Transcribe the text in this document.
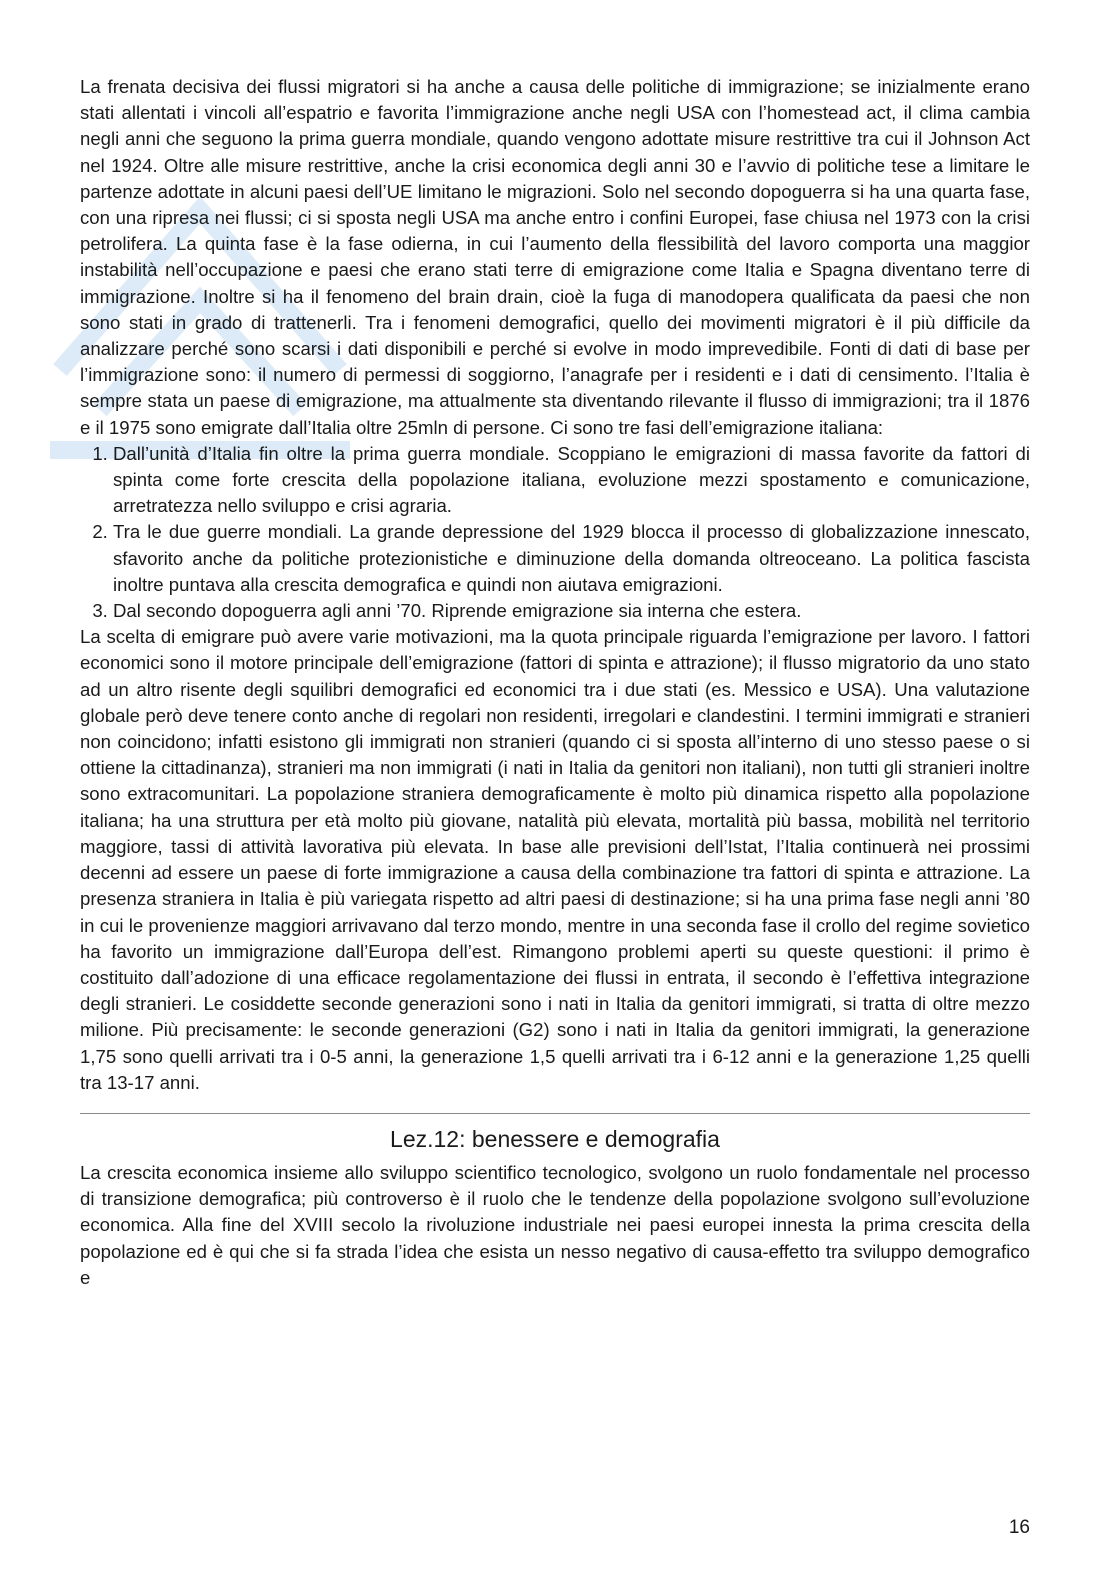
La frenata decisiva dei flussi migratori si ha anche a causa delle politiche di immigrazione; se inizialmente erano stati allentati i vincoli all’espatrio e favorita l’immigrazione anche negli USA con l’homestead act, il clima cambia negli anni che seguono la prima guerra mondiale, quando vengono adottate misure restrittive tra cui il Johnson Act nel 1924. Oltre alle misure restrittive, anche la crisi economica degli anni 30 e l’avvio di politiche tese a limitare le partenze adottate in alcuni paesi dell’UE limitano le migrazioni. Solo nel secondo dopoguerra si ha una quarta fase, con una ripresa nei flussi; ci si sposta negli USA ma anche entro i confini Europei, fase chiusa nel 1973 con la crisi petrolifera. La quinta fase è la fase odierna, in cui l’aumento della flessibilità del lavoro comporta una maggior instabilità nell’occupazione e paesi che erano stati terre di emigrazione come Italia e Spagna diventano terre di immigrazione. Inoltre si ha il fenomeno del brain drain, cioè la fuga di manodopera qualificata da paesi che non sono stati in grado di trattenerli. Tra i fenomeni demografici, quello dei movimenti migratori è il più difficile da analizzare perché sono scarsi i dati disponibili e perché si evolve in modo imprevedibile. Fonti di dati di base per l’immigrazione sono: il numero di permessi di soggiorno, l’anagrafe per i residenti e i dati di censimento. l’Italia è sempre stata un paese di emigrazione, ma attualmente sta diventando rilevante il flusso di immigrazioni; tra il 1876 e il 1975 sono emigrate dall’Italia oltre 25mln di persone. Ci sono tre fasi dell’emigrazione italiana:

1. Dall’unità d’Italia fin oltre la prima guerra mondiale. Scoppiano le emigrazioni di massa favorite da fattori di spinta come forte crescita della popolazione italiana, evoluzione mezzi spostamento e comunicazione, arretratezza nello sviluppo e crisi agraria.
2. Tra le due guerre mondiali. La grande depressione del 1929 blocca il processo di globalizzazione innescato, sfavorito anche da politiche protezionistiche e diminuzione della domanda oltreoceano. La politica fascista inoltre puntava alla crescita demografica e quindi non aiutava emigrazioni.
3. Dal secondo dopoguerra agli anni ’70. Riprende emigrazione sia interna che estera.

La scelta di emigrare può avere varie motivazioni, ma la quota principale riguarda l’emigrazione per lavoro. I fattori economici sono il motore principale dell’emigrazione (fattori di spinta e attrazione); il flusso migratorio da uno stato ad un altro risente degli squilibri demografici ed economici tra i due stati (es. Messico e USA). Una valutazione globale però deve tenere conto anche di regolari non residenti, irregolari e clandestini. I termini immigrati e stranieri non coincidono; infatti esistono gli immigrati non stranieri (quando ci si sposta all’interno di uno stesso paese o si ottiene la cittadinanza), stranieri ma non immigrati (i nati in Italia da genitori non italiani), non tutti gli stranieri inoltre sono extracomunitari. La popolazione straniera demograficamente è molto più dinamica rispetto alla popolazione italiana; ha una struttura per età molto più giovane, natalità più elevata, mortalità più bassa, mobilità nel territorio maggiore, tassi di attività lavorativa più elevata. In base alle previsioni dell’Istat, l’Italia continuerà nei prossimi decenni ad essere un paese di forte immigrazione a causa della combinazione tra fattori di spinta e attrazione. La presenza straniera in Italia è più variegata rispetto ad altri paesi di destinazione; si ha una prima fase negli anni ’80 in cui le provenienze maggiori arrivavano dal terzo mondo, mentre in una seconda fase il crollo del regime sovietico ha favorito un immigrazione dall’Europa dell’est. Rimangono problemi aperti su queste questioni: il primo è costituito dall’adozione di una efficace regolamentazione dei flussi in entrata, il secondo è l’effettiva integrazione degli stranieri. Le cosiddette seconde generazioni sono i nati in Italia da genitori immigrati, si tratta di oltre mezzo milione. Più precisamente: le seconde generazioni (G2) sono i nati in Italia da genitori immigrati, la generazione 1,75 sono quelli arrivati tra i 0-5 anni, la generazione 1,5 quelli arrivati tra i 6-12 anni e la generazione 1,25 quelli tra 13-17 anni.

Lez.12: benessere e demografia

La crescita economica insieme allo sviluppo scientifico tecnologico, svolgono un ruolo fondamentale nel processo di transizione demografica; più controverso è il ruolo che le tendenze della popolazione svolgono sull’evoluzione economica. Alla fine del XVIII secolo la rivoluzione industriale nei paesi europei innesta la prima crescita della popolazione ed è qui che si fa strada l’idea che esista un nesso negativo di causa-effetto tra sviluppo demografico e

16
